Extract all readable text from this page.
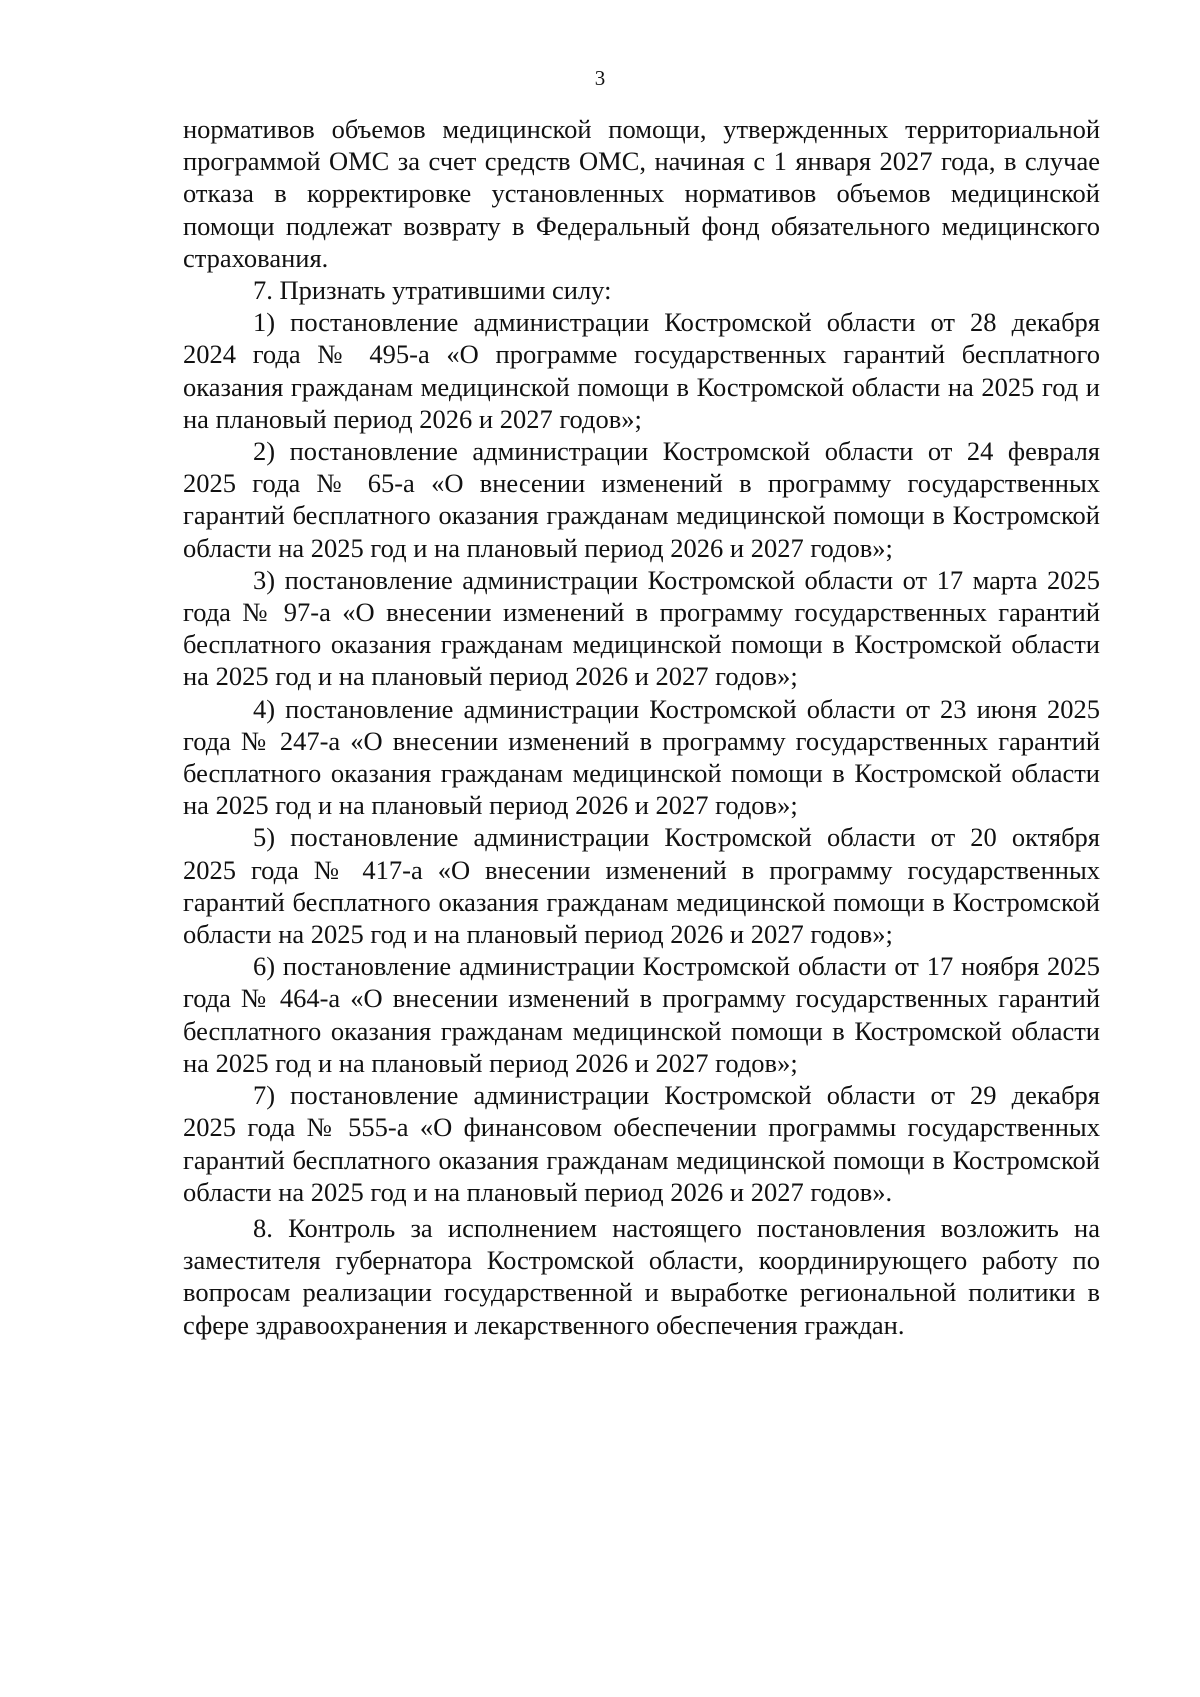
3

нормативов объемов медицинской помощи, утвержденных территориальной программой ОМС за счет средств ОМС, начиная с 1 января 2027 года, в случае отказа в корректировке установленных нормативов объемов медицинской помощи подлежат возврату в Федеральный фонд обязательного медицинского страхования.

7. Признать утратившими силу:

1) постановление администрации Костромской области от 28 декабря 2024 года № 495-а «О программе государственных гарантий бесплатного оказания гражданам медицинской помощи в Костромской области на 2025 год и на плановый период 2026 и 2027 годов»;

2) постановление администрации Костромской области от 24 февраля 2025 года № 65-а «О внесении изменений в программу государственных гарантий бесплатного оказания гражданам медицинской помощи в Костромской области на 2025 год и на плановый период 2026 и 2027 годов»;

3) постановление администрации Костромской области от 17 марта 2025 года № 97-а «О внесении изменений в программу государственных гарантий бесплатного оказания гражданам медицинской помощи в Костромской области на 2025 год и на плановый период 2026 и 2027 годов»;

4) постановление администрации Костромской области от 23 июня 2025 года № 247-а «О внесении изменений в программу государственных гарантий бесплатного оказания гражданам медицинской помощи в Костромской области на 2025 год и на плановый период 2026 и 2027 годов»;

5) постановление администрации Костромской области от 20 октября 2025 года № 417-а «О внесении изменений в программу государственных гарантий бесплатного оказания гражданам медицинской помощи в Костромской области на 2025 год и на плановый период 2026 и 2027 годов»;

6) постановление администрации Костромской области от 17 ноября 2025 года № 464-а «О внесении изменений в программу государственных гарантий бесплатного оказания гражданам медицинской помощи в Костромской области на 2025 год и на плановый период 2026 и 2027 годов»;

7) постановление администрации Костромской области от 29 декабря 2025 года № 555-а «О финансовом обеспечении программы государственных гарантий бесплатного оказания гражданам медицинской помощи в Костромской области на 2025 год и на плановый период 2026 и 2027 годов».

8. Контроль за исполнением настоящего постановления возложить на заместителя губернатора Костромской области, координирующего работу по вопросам реализации государственной и выработке региональной политики в сфере здравоохранения и лекарственного обеспечения граждан.
